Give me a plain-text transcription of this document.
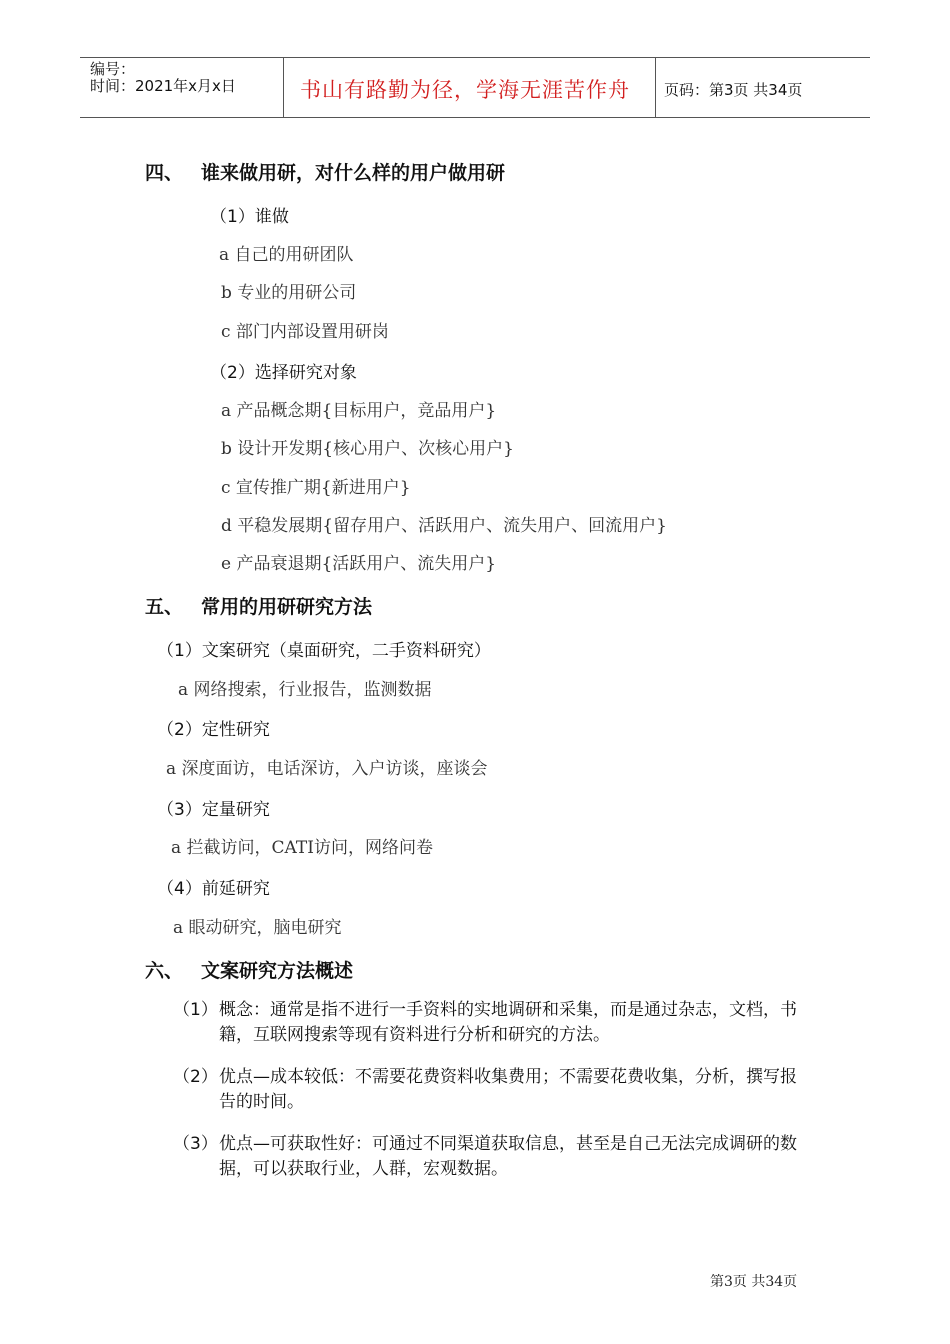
编号：
时间：2021年x月x日	书山有路勤为径，学海无涯苦作舟 页码：第3页 共34页
四、 谁来做用研，对什么样的用户做用研
（1）谁做
a 自己的用研团队
b 专业的用研公司
c 部门内部设置用研岗
（2）选择研究对象
a 产品概念期{目标用户，竞品用户}
b 设计开发期{核心用户、次核心用户}
c 宣传推广期{新进用户}
d 平稳发展期{留存用户、活跃用户、流失用户、回流用户}
e 产品衰退期{活跃用户、流失用户}
五、 常用的用研研究方法
（1）文案研究（桌面研究，二手资料研究）
a 网络搜索，行业报告，监测数据
（2）定性研究
a 深度面访，电话深访，入户访谈，座谈会
（3）定量研究
a 拦截访问，CATI访问，网络问卷
（4）前延研究
a 眼动研究，脑电研究
六、 文案研究方法概述
（1） 概念：通常是指不进行一手资料的实地调研和采集，而是通过杂志，文档，书籍，互联网搜索等现有资料进行分析和研究的方法。
（2） 优点—成本较低：不需要花费资料收集费用；不需要花费收集，分析，撰写报告的时间。
（3） 优点—可获取性好：可通过不同渠道获取信息，甚至是自己无法完成调研的数据，可以获取行业，人群，宏观数据。
第3页 共34页
